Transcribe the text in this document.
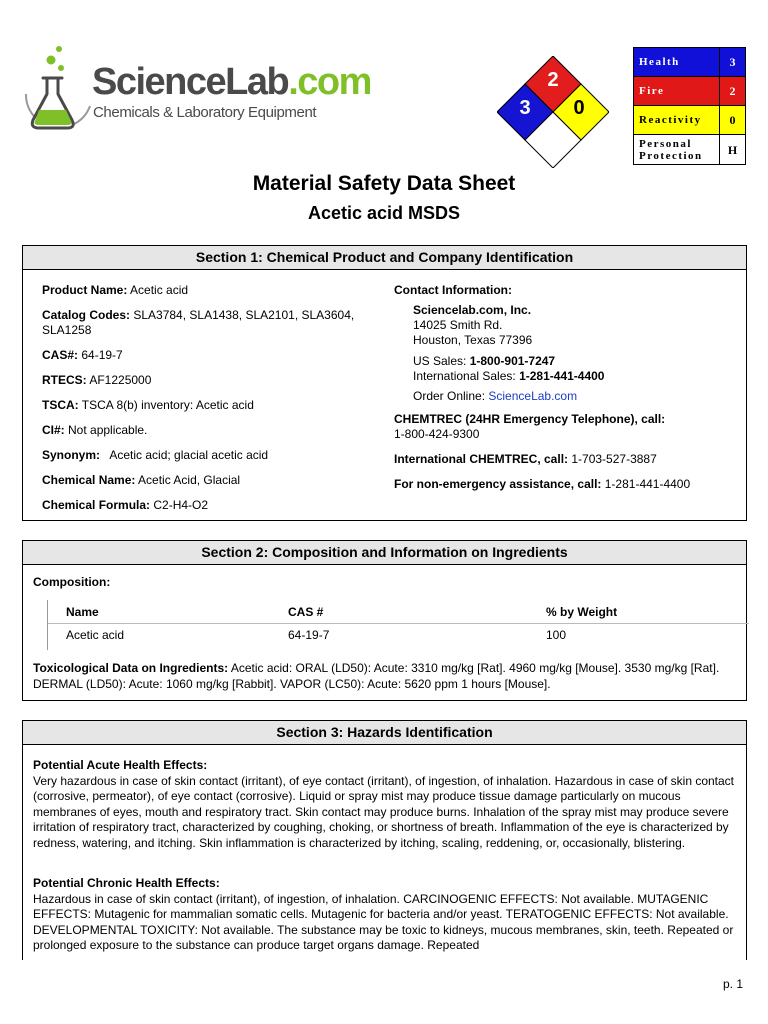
ScienceLab.com
Chemicals & Laboratory Equipment
2
3 0
Health	3
Fire	2
Reactivity	0
Personal
Protection	H
Material Safety Data Sheet
Acetic acid MSDS
Section 1: Chemical Product and Company Identification
Product Name: Acetic acid
Catalog Codes: SLA3784, SLA1438, SLA2101, SLA3604, SLA1258
CAS#: 64-19-7
RTECS: AF1225000
TSCA: TSCA 8(b) inventory: Acetic acid
CI#: Not applicable.
Synonym:   Acetic acid; glacial acetic acid
Chemical Name: Acetic Acid, Glacial
Chemical Formula: C2-H4-O2
Contact Information:
Sciencelab.com, Inc.
14025 Smith Rd.
Houston, Texas 77396
US Sales: 1-800-901-7247
International Sales: 1-281-441-4400
Order Online: ScienceLab.com
CHEMTREC (24HR Emergency Telephone), call:
1-800-424-9300
International CHEMTREC, call: 1-703-527-3887
For non-emergency assistance, call: 1-281-441-4400
Section 2: Composition and Information on Ingredients
Composition:
Name	CAS #	% by Weight
Acetic acid	64-19-7	100
Toxicological Data on Ingredients: Acetic acid: ORAL (LD50): Acute: 3310 mg/kg [Rat]. 4960 mg/kg [Mouse]. 3530 mg/kg [Rat]. DERMAL (LD50): Acute: 1060 mg/kg [Rabbit]. VAPOR (LC50): Acute: 5620 ppm 1 hours [Mouse].
Section 3: Hazards Identification
Potential Acute Health Effects:
Very hazardous in case of skin contact (irritant), of eye contact (irritant), of ingestion, of inhalation. Hazardous in case of skin contact (corrosive, permeator), of eye contact (corrosive). Liquid or spray mist may produce tissue damage particularly on mucous membranes of eyes, mouth and respiratory tract. Skin contact may produce burns. Inhalation of the spray mist may produce severe irritation of respiratory tract, characterized by coughing, choking, or shortness of breath. Inflammation of the eye is characterized by redness, watering, and itching. Skin inflammation is characterized by itching, scaling, reddening, or, occasionally, blistering.
Potential Chronic Health Effects:
Hazardous in case of skin contact (irritant), of ingestion, of inhalation. CARCINOGENIC EFFECTS: Not available. MUTAGENIC EFFECTS: Mutagenic for mammalian somatic cells. Mutagenic for bacteria and/or yeast. TERATOGENIC EFFECTS: Not available. DEVELOPMENTAL TOXICITY: Not available. The substance may be toxic to kidneys, mucous membranes, skin, teeth. Repeated or prolonged exposure to the substance can produce target organs damage. Repeated
p. 1
